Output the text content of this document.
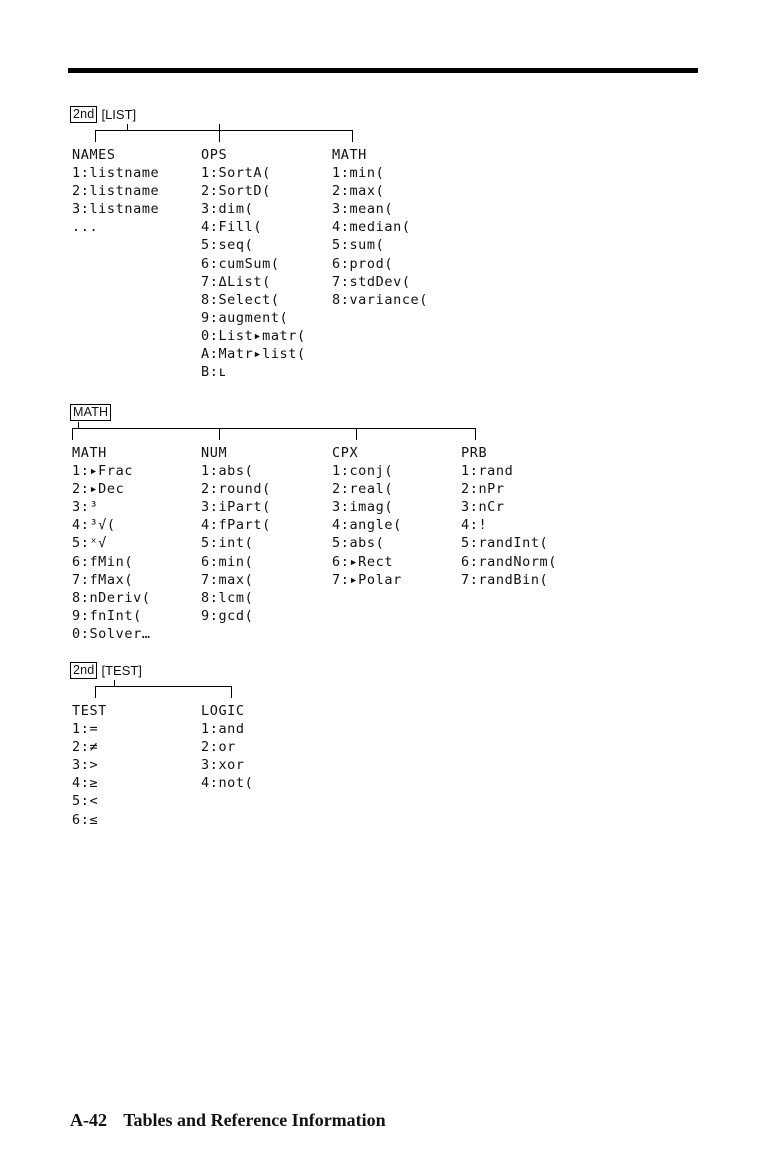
2nd [LIST]
NAMES
1:listname
2:listname
3:listname
...
OPS
1:SortA(
2:SortD(
3:dim(
4:Fill(
5:seq(
6:cumSum(
7:ΔList(
8:Select(
9:augment(
0:List▸matr(
A:Matr▸list(
B:ʟ
MATH
1:min(
2:max(
3:mean(
4:median(
5:sum(
6:prod(
7:stdDev(
8:variance(
MATH
MATH
1:▸Frac
2:▸Dec
3:³
4:³√(
5:ˣ√
6:fMin(
7:fMax(
8:nDeriv(
9:fnInt(
0:Solver…
NUM
1:abs(
2:round(
3:iPart(
4:fPart(
5:int(
6:min(
7:max(
8:lcm(
9:gcd(
CPX
1:conj(
2:real(
3:imag(
4:angle(
5:abs(
6:▸Rect
7:▸Polar
PRB
1:rand
2:nPr
3:nCr
4:!
5:randInt(
6:randNorm(
7:randBin(
2nd [TEST]
TEST
1:=
2:≠
3:>
4:≥
5:<
6:≤
LOGIC
1:and
2:or
3:xor
4:not(
A-42 Tables and Reference Information
